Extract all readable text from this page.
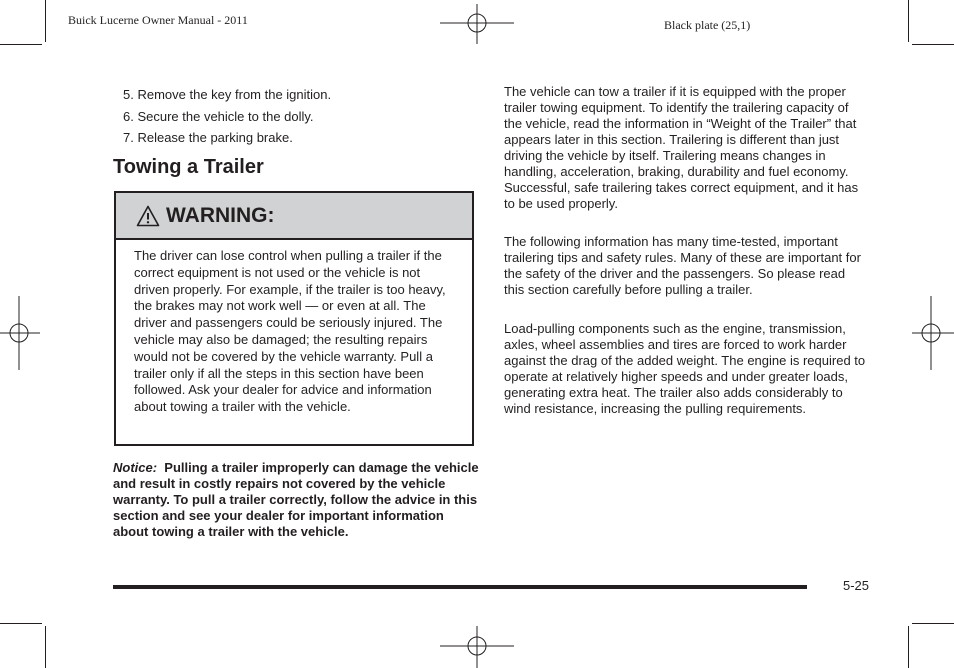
Buick Lucerne Owner Manual - 2011	Black plate (25,1)
5. Remove the key from the ignition.
6. Secure the vehicle to the dolly.
7. Release the parking brake.
Towing a Trailer
WARNING:
The driver can lose control when pulling a trailer if the correct equipment is not used or the vehicle is not driven properly. For example, if the trailer is too heavy, the brakes may not work well — or even at all. The driver and passengers could be seriously injured. The vehicle may also be damaged; the resulting repairs would not be covered by the vehicle warranty. Pull a trailer only if all the steps in this section have been followed. Ask your dealer for advice and information about towing a trailer with the vehicle.
Notice: Pulling a trailer improperly can damage the vehicle and result in costly repairs not covered by the vehicle warranty. To pull a trailer correctly, follow the advice in this section and see your dealer for important information about towing a trailer with the vehicle.
The vehicle can tow a trailer if it is equipped with the proper trailer towing equipment. To identify the trailering capacity of the vehicle, read the information in “Weight of the Trailer” that appears later in this section. Trailering is different than just driving the vehicle by itself. Trailering means changes in handling, acceleration, braking, durability and fuel economy. Successful, safe trailering takes correct equipment, and it has to be used properly.
The following information has many time-tested, important trailering tips and safety rules. Many of these are important for the safety of the driver and the passengers. So please read this section carefully before pulling a trailer.
Load-pulling components such as the engine, transmission, axles, wheel assemblies and tires are forced to work harder against the drag of the added weight. The engine is required to operate at relatively higher speeds and under greater loads, generating extra heat. The trailer also adds considerably to wind resistance, increasing the pulling requirements.
5-25
